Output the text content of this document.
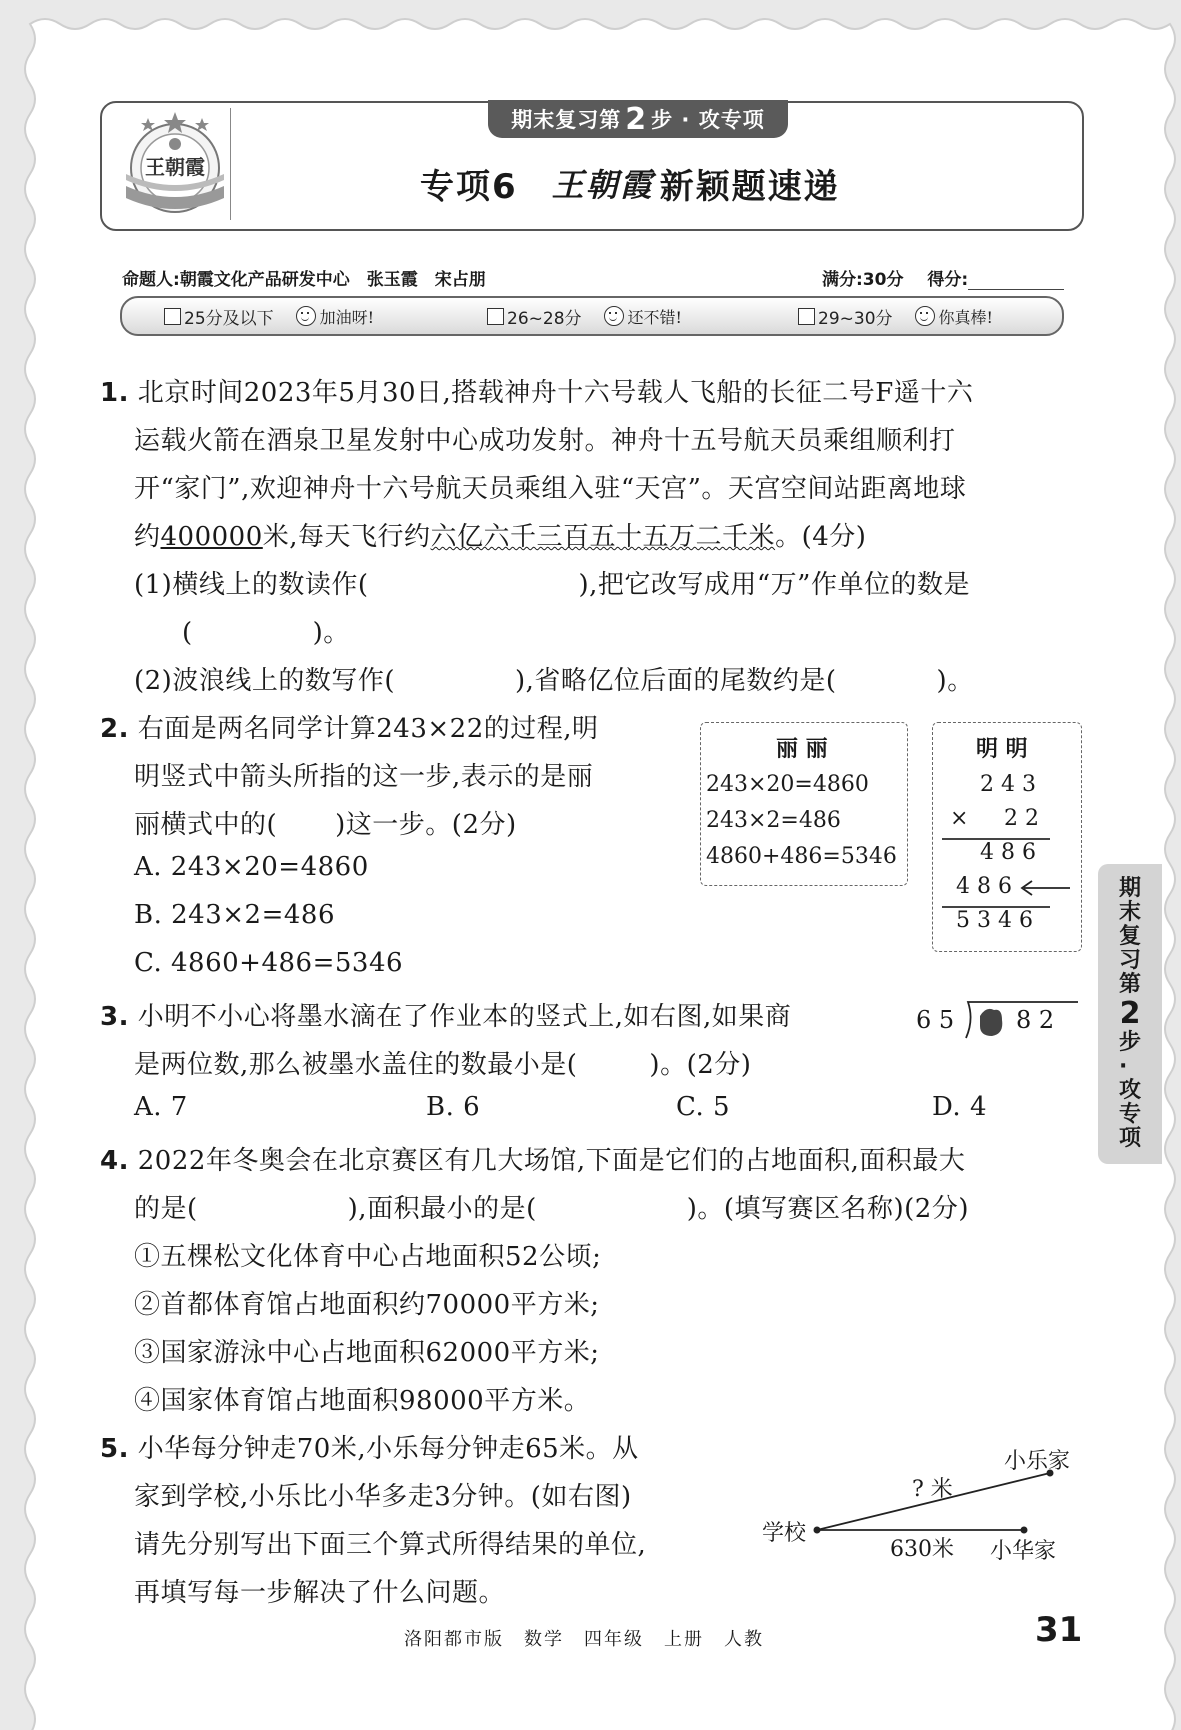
王朝霞
期末复习第 2 步 · 攻专项
专项6 王朝霞 新颖题速递
命题人:朝霞文化产品研发中心　张玉霞　宋占朋	满分:30分 得分:
25分及以下	加油呀!	26~28分	还不错!	29~30分	你真棒!
1. 北京时间2023年5月30日,搭载神舟十六号载人飞船的长征二号F遥十六
运载火箭在酒泉卫星发射中心成功发射。神舟十五号航天员乘组顺利打
开“家门”,欢迎神舟十六号航天员乘组入驻“天宫”。天宫空间站距离地球
约400000米,每天飞行约六亿六千三百五十五万二千米。(4分)
(1)横线上的数读作(	),把它改写成用“万”作单位的数是
(	)。
(2)波浪线上的数写作(	),省略亿位后面的尾数约是(	)。
2. 右面是两名同学计算243×22的过程,明
明竖式中箭头所指的这一步,表示的是丽
丽横式中的( )这一步。(2分)
A. 243×20=4860
B. 243×2=486
C. 4860+486=5346
丽 丽
243×20=4860
243×2=486
4860+486=5346
明 明
2 4 3
× 2 2
4 8 6
4 8 6
5 3 4 6
3. 小明不小心将墨水滴在了作业本的竖式上,如右图,如果商
是两位数,那么被墨水盖住的数最小是(	)。(2分)
A. 7	B. 6	C. 5	D. 4
6 5	8 2
4. 2022年冬奥会在北京赛区有几大场馆,下面是它们的占地面积,面积最大
的是(	),面积最小的是(	)。(填写赛区名称)(2分)
①五棵松文化体育中心占地面积52公顷;
②首都体育馆占地面积约70000平方米;
③国家游泳中心占地面积62000平方米;
④国家体育馆占地面积98000平方米。
5. 小华每分钟走70米,小乐每分钟走65米。从
家到学校,小乐比小华多走3分钟。(如右图)
请先分别写出下面三个算式所得结果的单位,
再填写每一步解决了什么问题。
学校
小乐家
小华家
? 米
630米
期
末
复
习
第
2
步
·
攻
专
项
洛阳都市版　数学　四年级　上册　人教	31
